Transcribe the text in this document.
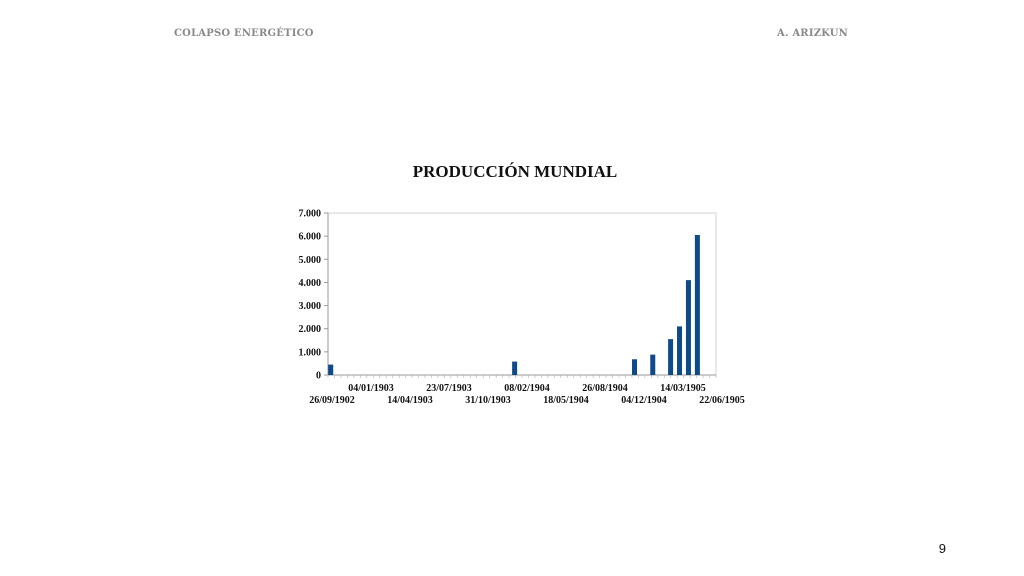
COLAPSO ENERGÉTICO	A. ARIZKUN
PRODUCCIÓN MUNDIAL
0
1.000
2.000
3.000
4.000
5.000
6.000
7.000
26/09/1902
04/01/1903
14/04/1903
23/07/1903
31/10/1903
08/02/1904
18/05/1904
26/08/1904
04/12/1904
14/03/1905
22/06/1905
9
